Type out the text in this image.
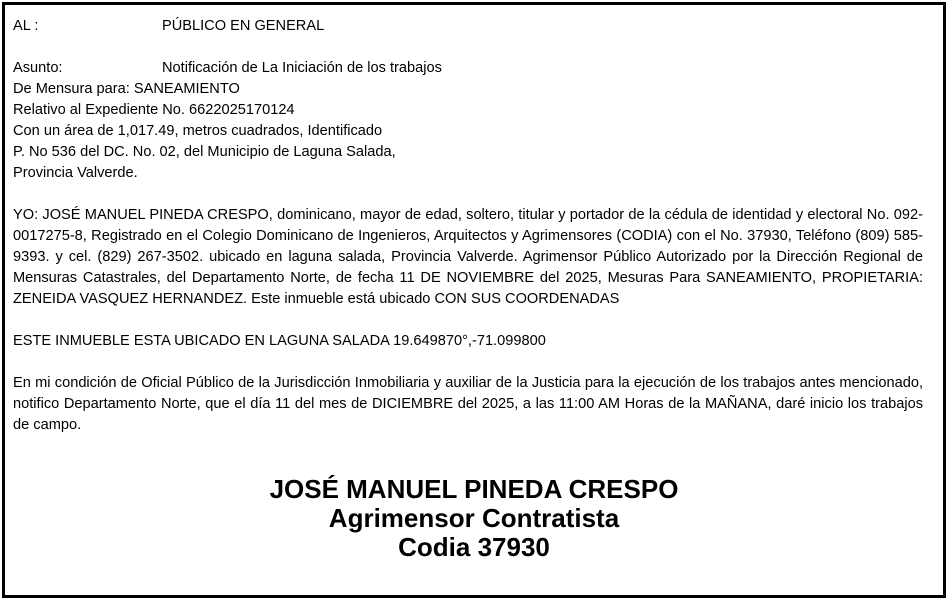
AL :	PÚBLICO EN GENERAL
Asunto:	Notificación de La Iniciación de los trabajos
De Mensura para: SANEAMIENTO
Relativo al Expediente No. 6622025170124
Con un área de 1,017.49, metros cuadrados, Identificado
P. No 536 del DC. No. 02, del Municipio de Laguna Salada,
Provincia Valverde.
YO: JOSÉ MANUEL PINEDA CRESPO, dominicano, mayor de edad, soltero, titular y portador de la cédula de identidad y electoral No. 092-0017275-8, Registrado en el Colegio Dominicano de Ingenieros, Arquitectos y Agrimensores (CODIA) con el No. 37930, Teléfono (809) 585-9393. y cel. (829) 267-3502. ubicado en laguna salada, Provincia Valverde. Agrimensor Público Autorizado por la Dirección Regional de Mensuras Catastrales, del Departamento Norte, de fecha 11 DE NOVIEMBRE del 2025, Mesuras Para SANEAMIENTO, PROPIETARIA: ZENEIDA VASQUEZ HERNANDEZ. Este inmueble está ubicado CON SUS COORDENADAS
ESTE INMUEBLE ESTA UBICADO EN LAGUNA SALADA 19.649870°,-71.099800
En mi condición de Oficial Público de la Jurisdicción Inmobiliaria y auxiliar de la Justicia para la ejecución de los trabajos antes mencionado, notifico Departamento Norte, que el día 11 del mes de DICIEMBRE del 2025, a las 11:00 AM Horas de la MAÑANA, daré inicio los trabajos de campo.
JOSÉ MANUEL PINEDA CRESPO
Agrimensor Contratista
Codia 37930
